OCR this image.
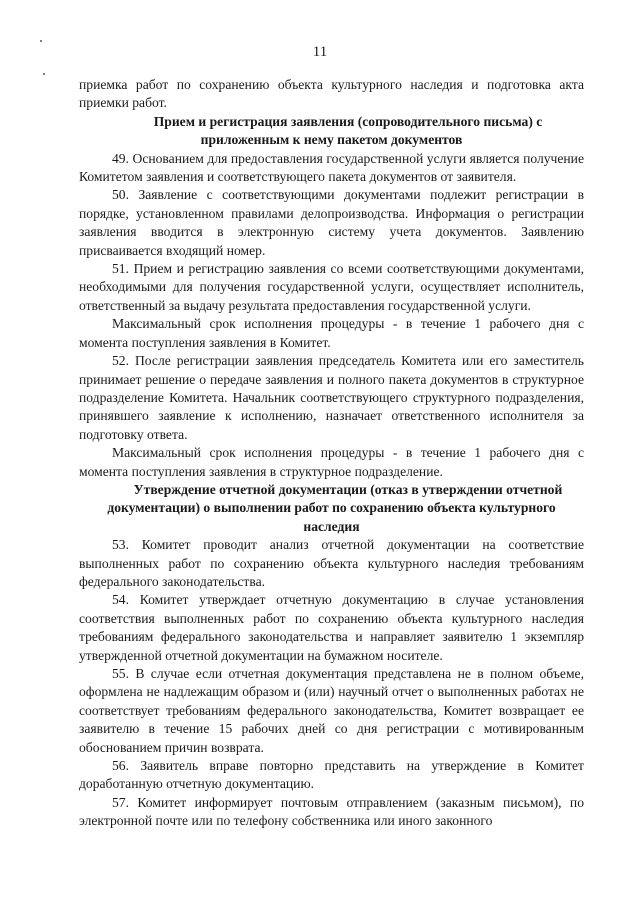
11

приемка работ по сохранению объекта культурного наследия и подготовка акта приемки работ.

Прием и регистрация заявления (сопроводительного письма) с приложенным к нему пакетом документов

49. Основанием для предоставления государственной услуги является получение Комитетом заявления и соответствующего пакета документов от заявителя.

50. Заявление с соответствующими документами подлежит регистрации в порядке, установленном правилами делопроизводства. Информация о регистрации заявления вводится в электронную систему учета документов. Заявлению присваивается входящий номер.

51. Прием и регистрацию заявления со всеми соответствующими документами, необходимыми для получения государственной услуги, осуществляет исполнитель, ответственный за выдачу результата предоставления государственной услуги.

Максимальный срок исполнения процедуры - в течение 1 рабочего дня с момента поступления заявления в Комитет.

52. После регистрации заявления председатель Комитета или его заместитель принимает решение о передаче заявления и полного пакета документов в структурное подразделение Комитета. Начальник соответствующего структурного подразделения, принявшего заявление к исполнению, назначает ответственного исполнителя за подготовку ответа.

Максимальный срок исполнения процедуры - в течение 1 рабочего дня с момента поступления заявления в структурное подразделение.

Утверждение отчетной документации (отказ в утверждении отчетной документации) о выполнении работ по сохранению объекта культурного наследия

53. Комитет проводит анализ отчетной документации на соответствие выполненных работ по сохранению объекта культурного наследия требованиям федерального законодательства.

54. Комитет утверждает отчетную документацию в случае установления соответствия выполненных работ по сохранению объекта культурного наследия требованиям федерального законодательства и направляет заявителю 1 экземпляр утвержденной отчетной документации на бумажном носителе.

55. В случае если отчетная документация представлена не в полном объеме, оформлена не надлежащим образом и (или) научный отчет о выполненных работах не соответствует требованиям федерального законодательства, Комитет возвращает ее заявителю в течение 15 рабочих дней со дня регистрации с мотивированным обоснованием причин возврата.

56. Заявитель вправе повторно представить на утверждение в Комитет доработанную отчетную документацию.

57. Комитет информирует почтовым отправлением (заказным письмом), по электронной почте или по телефону собственника или иного законного
